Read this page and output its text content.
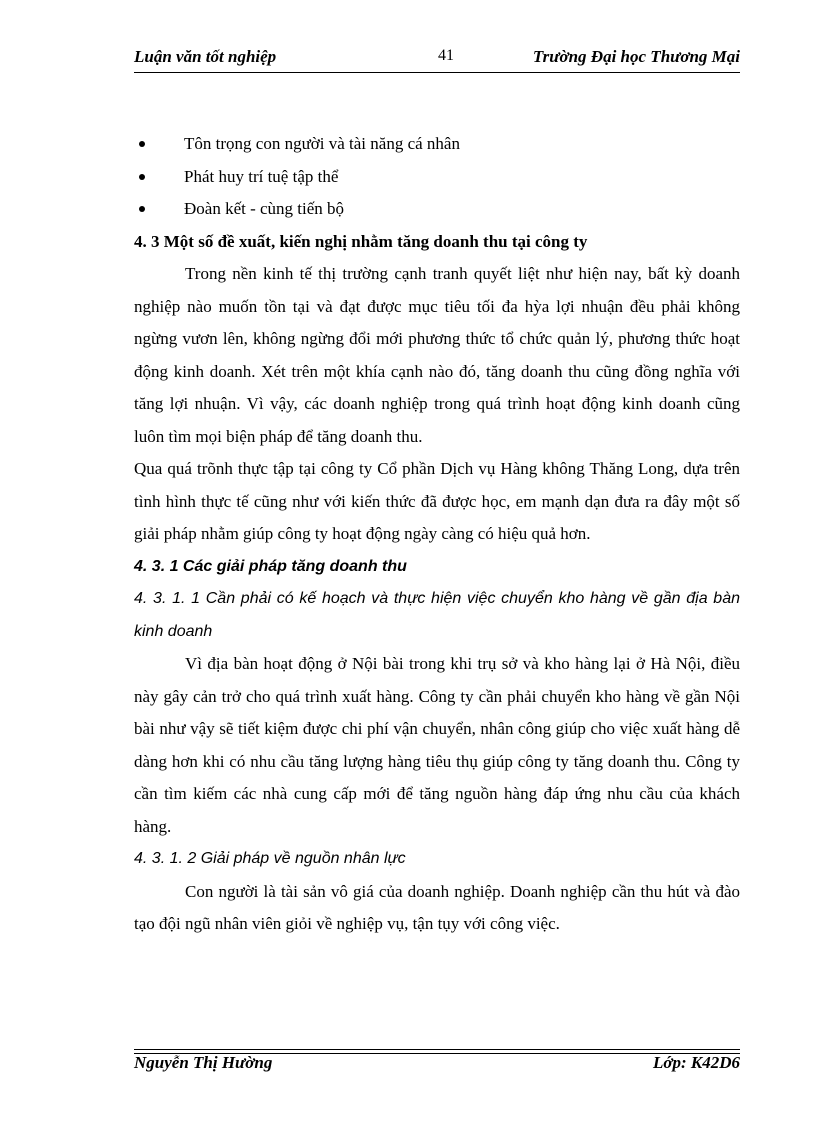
Luận văn tốt nghiệp	41	Trường Đại học Thương Mại

Tôn trọng con người và tài năng cá nhân

Phát huy trí tuệ tập thể

Đoàn kết - cùng tiến bộ

4. 3 Một số đề xuất, kiến nghị nhằm tăng doanh thu tại công ty

Trong nền kinh tế thị trường cạnh tranh quyết liệt như hiện nay, bất kỳ doanh nghiệp nào muốn tồn tại và đạt được mục tiêu tối đa hỳa lợi nhuận đều phải không ngừng vươn lên, không ngừng đổi mới phương thức tổ chức quản lý, phương thức hoạt động kinh doanh. Xét trên một khía cạnh nào đó, tăng doanh thu cũng đồng nghĩa với tăng lợi nhuận. Vì vậy, các doanh nghiệp trong quá trình hoạt động kinh doanh cũng luôn tìm mọi biện pháp để tăng doanh thu.

Qua quá trõnh thực tập tại công ty Cổ phần Dịch vụ Hàng không Thăng Long, dựa trên tình hình thực tế cũng như với kiến thức đã được học, em mạnh dạn đưa ra đây một số giải pháp nhằm giúp công ty hoạt động ngày càng có hiệu quả hơn.

4. 3. 1 Các giải pháp tăng doanh thu

4. 3. 1. 1 Cần phải có kế hoạch và thực hiện việc chuyển kho hàng về gần địa bàn kinh doanh

Vì địa bàn hoạt động ở Nội bài trong khi trụ sở và kho hàng lại ở Hà Nội, điều này gây cản trở cho quá trình xuất hàng. Công ty cần phải chuyển kho hàng về gần Nội bài như vậy sẽ tiết kiệm được chi phí vận chuyển, nhân công giúp cho việc xuất hàng dễ dàng hơn khi có nhu cầu tăng lượng hàng tiêu thụ giúp công ty tăng doanh thu. Công ty cần tìm kiếm các nhà cung cấp mới để tăng nguồn hàng đáp ứng nhu cầu của khách hàng.

4. 3. 1. 2 Giải pháp về nguồn nhân lực

Con người là tài sản vô giá của doanh nghiệp. Doanh nghiệp cần thu hút và đào tạo đội ngũ nhân viên giỏi về nghiệp vụ, tận tụy với công việc.

Nguyễn Thị Hường	Lớp: K42D6
